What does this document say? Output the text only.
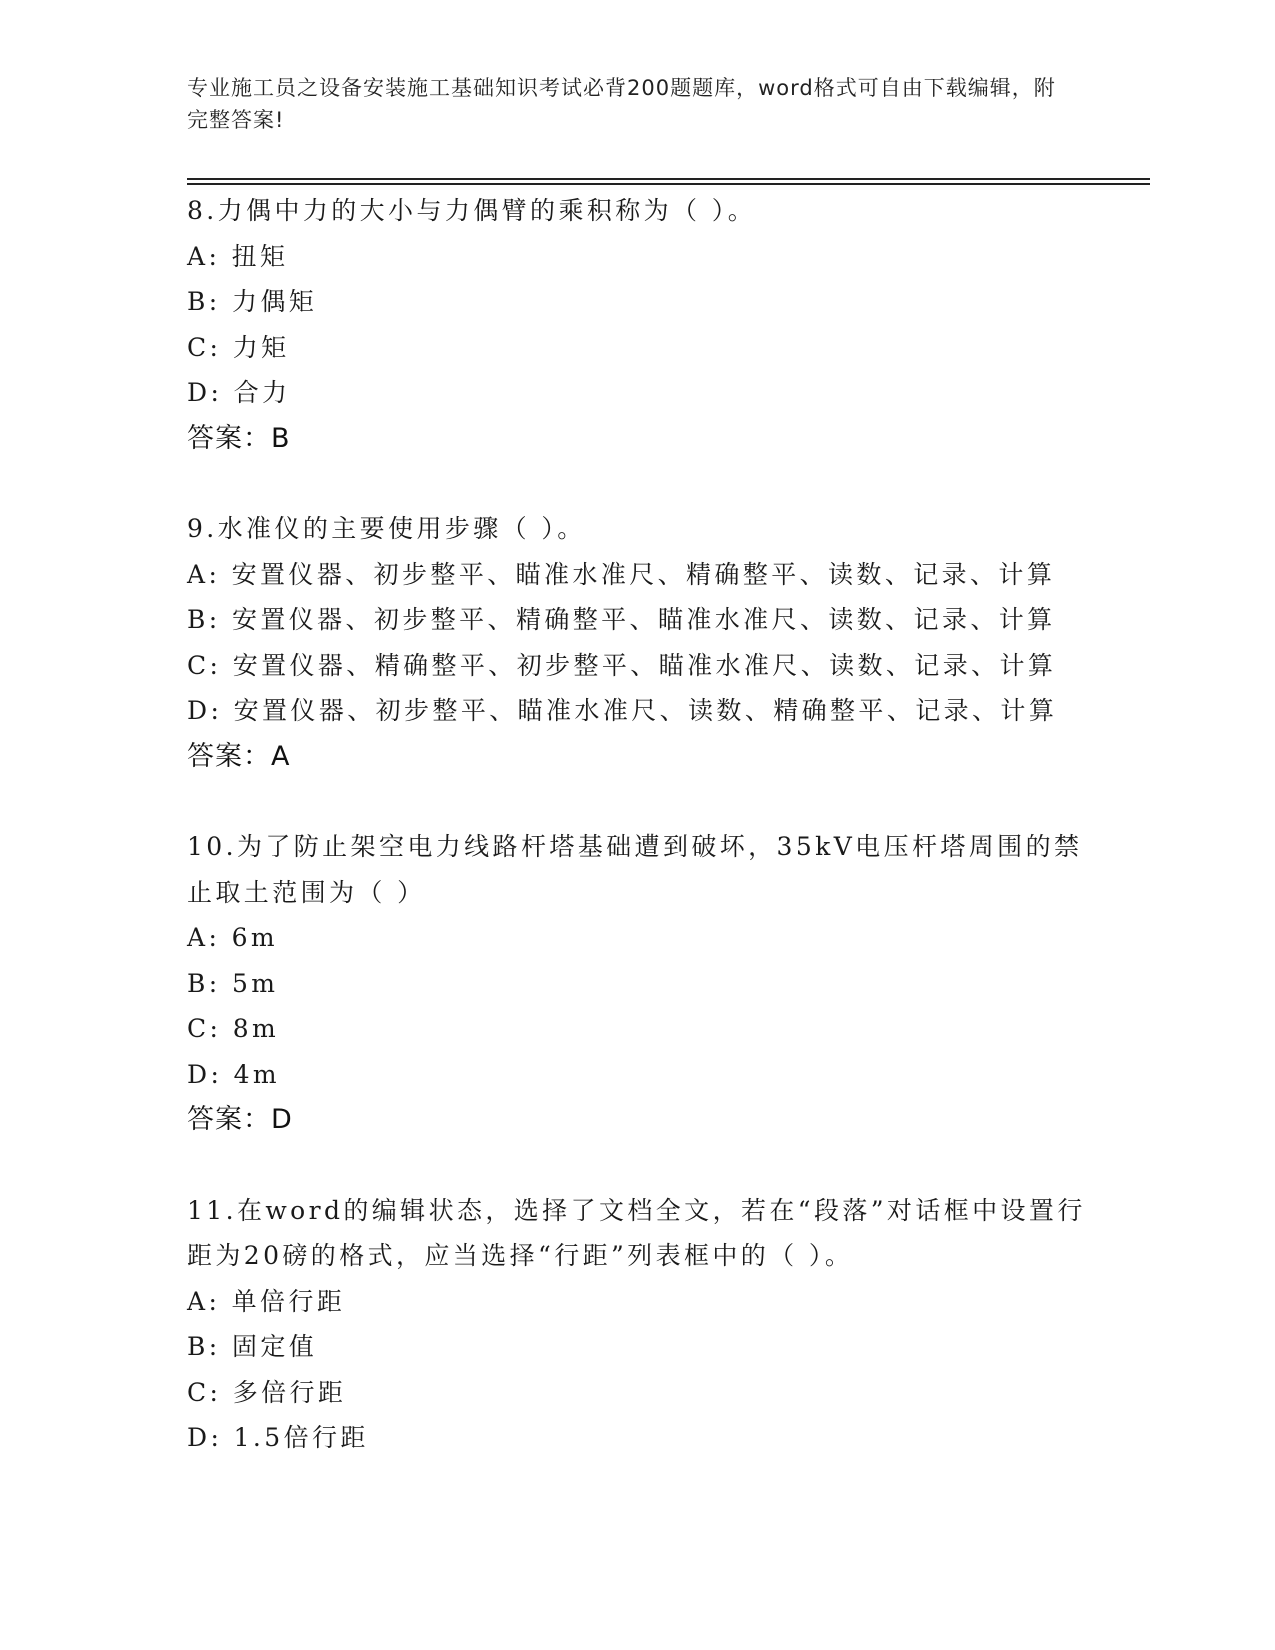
专业施工员之设备安装施工基础知识考试必背200题题库，word格式可自由下载编辑，附完整答案!
8.力偶中力的大小与力偶臂的乘积称为（ ）。
A: 扭矩
B: 力偶矩
C: 力矩
D: 合力
答案：B
9.水准仪的主要使用步骤（ ）。
A: 安置仪器、初步整平、瞄准水准尺、精确整平、读数、记录、计算
B: 安置仪器、初步整平、精确整平、瞄准水准尺、读数、记录、计算
C: 安置仪器、精确整平、初步整平、瞄准水准尺、读数、记录、计算
D: 安置仪器、初步整平、瞄准水准尺、读数、精确整平、记录、计算
答案：A
10.为了防止架空电力线路杆塔基础遭到破坏，35kV电压杆塔周围的禁止取土范围为（ ）
A: 6m
B: 5m
C: 8m
D: 4m
答案：D
11.在word的编辑状态，选择了文档全文，若在“段落”对话框中设置行距为20磅的格式，应当选择“行距”列表框中的（ ）。
A: 单倍行距
B: 固定值
C: 多倍行距
D: 1.5倍行距
